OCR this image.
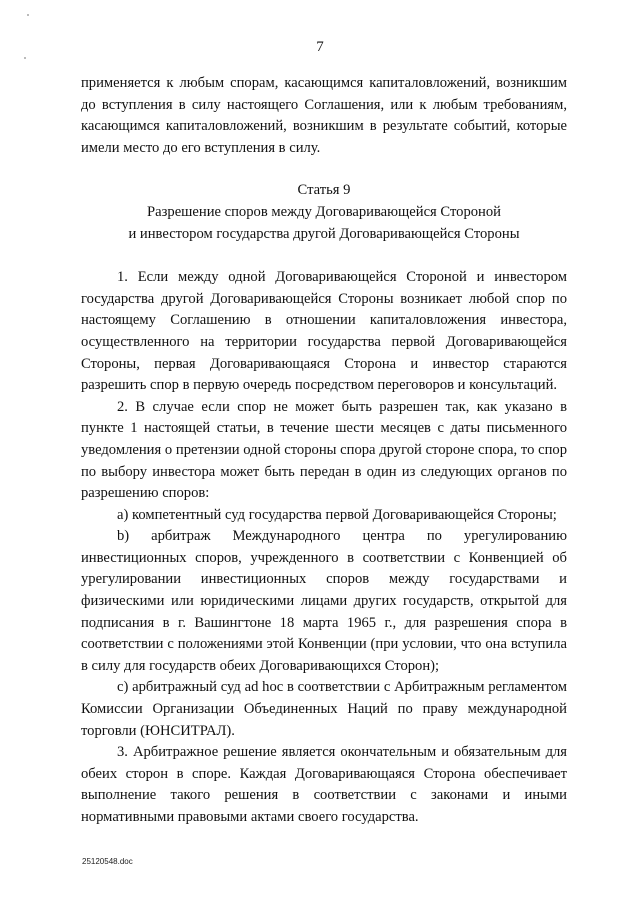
7

применяется к любым спорам, касающимся капиталовложений, возникшим до вступления в силу настоящего Соглашения, или к любым требованиям, касающимся капиталовложений, возникшим в результате событий, которые имели место до его вступления в силу.

Статья 9
Разрешение споров между Договаривающейся Стороной
и инвестором государства другой Договаривающейся Стороны

1. Если между одной Договаривающейся Стороной и инвестором государства другой Договаривающейся Стороны возникает любой спор по настоящему Соглашению в отношении капиталовложения инвестора, осуществленного на территории государства первой Договаривающейся Стороны, первая Договаривающаяся Сторона и инвестор стараются разрешить спор в первую очередь посредством переговоров и консультаций.

2. В случае если спор не может быть разрешен так, как указано в пункте 1 настоящей статьи, в течение шести месяцев с даты письменного уведомления о претензии одной стороны спора другой стороне спора, то спор по выбору инвестора может быть передан в один из следующих органов по разрешению споров:

a) компетентный суд государства первой Договаривающейся Стороны;

b) арбитраж Международного центра по урегулированию инвестиционных споров, учрежденного в соответствии с Конвенцией об урегулировании инвестиционных споров между государствами и физическими или юридическими лицами других государств, открытой для подписания в г. Вашингтоне 18 марта 1965 г., для разрешения спора в соответствии с положениями этой Конвенции (при условии, что она вступила в силу для государств обеих Договаривающихся Сторон);

c) арбитражный суд ad hoc в соответствии с Арбитражным регламентом Комиссии Организации Объединенных Наций по праву международной торговли (ЮНСИТРАЛ).

3. Арбитражное решение является окончательным и обязательным для обеих сторон в споре. Каждая Договаривающаяся Сторона обеспечивает выполнение такого решения в соответствии с законами и иными нормативными правовыми актами своего государства.

25120548.doc
